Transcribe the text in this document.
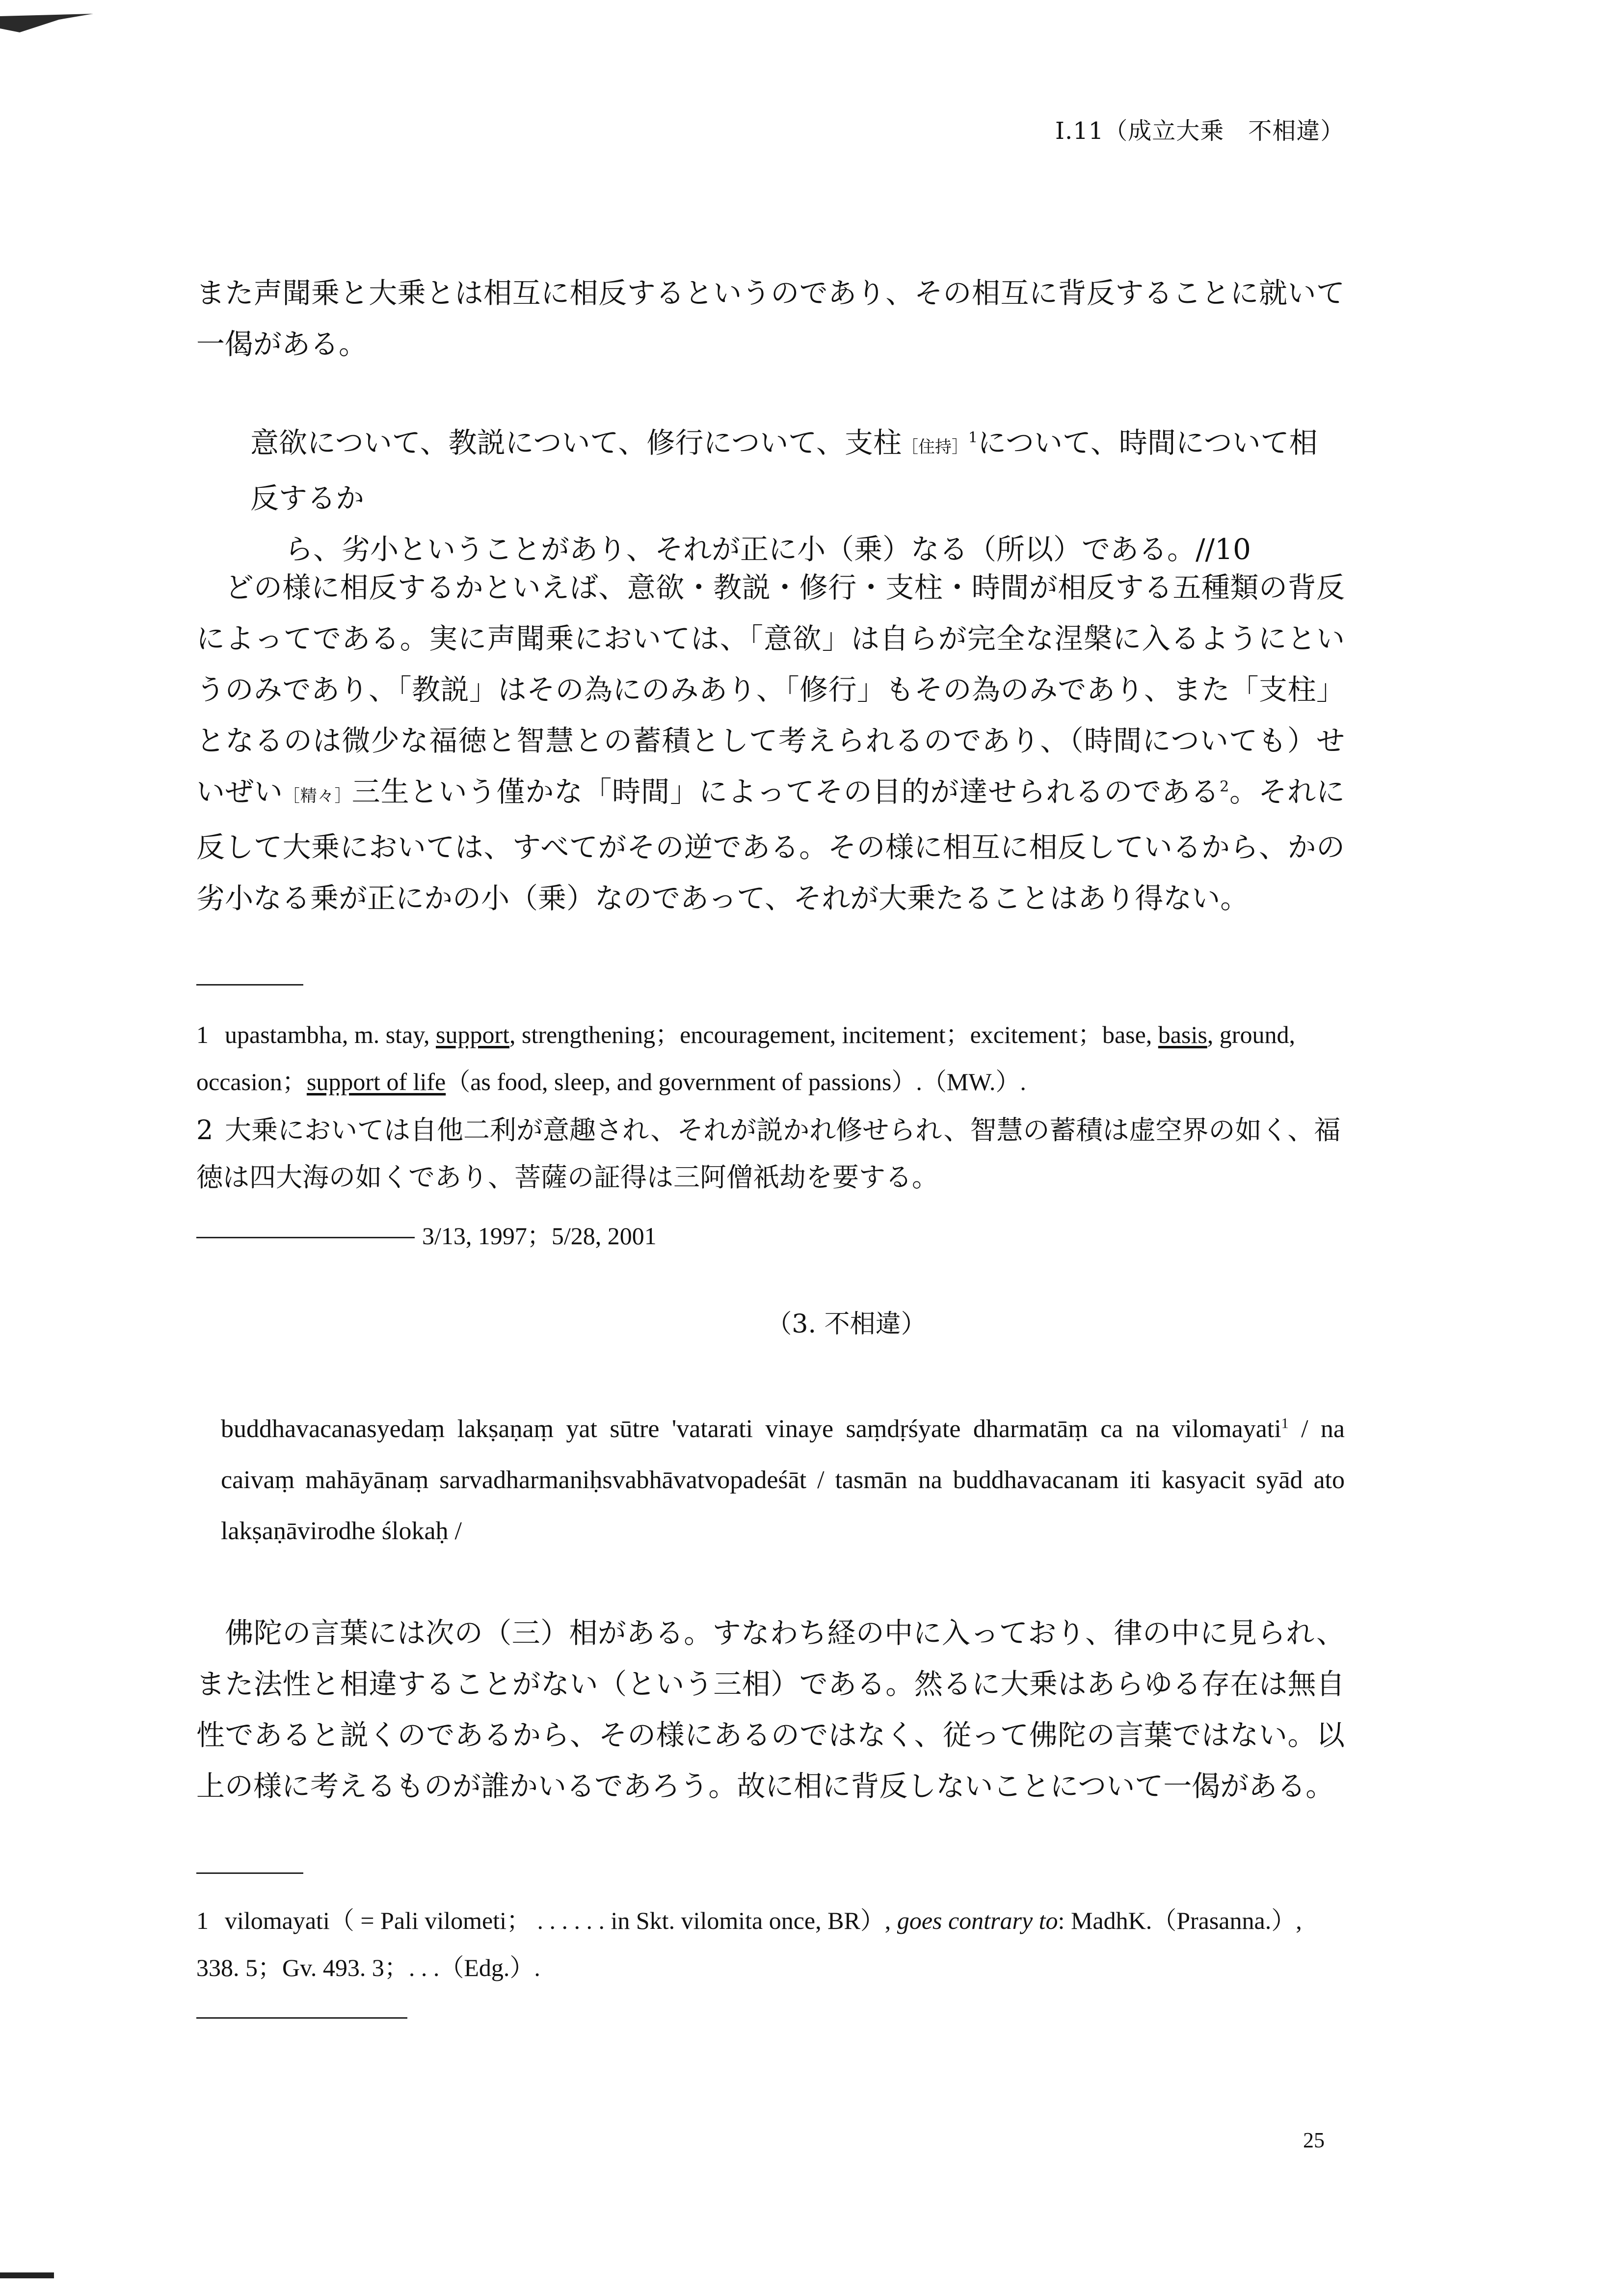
I.11（成立大乗　不相違）
また声聞乗と大乗とは相互に相反するというのであり、その相互に背反することに就いて一偈がある。
意欲について、教説について、修行について、支柱［住持］$^1$について、時間について相反するか
ら、劣小ということがあり、それが正に小（乗）なる（所以）である。//10
どの様に相反するかといえば、意欲・教説・修行・支柱・時間が相反する五種類の背反によってである。実に声聞乗においては、「意欲」は自らが完全な涅槃に入るようにというのみであり、「教説」はその為にのみあり、「修行」もその為のみであり、また「支柱」となるのは微少な福徳と智慧との蓄積として考えられるのであり、（時間についても）せいぜい［精々］三生という僅かな「時間」によってその目的が達せられるのである$^2$。それに反して大乗においては、すべてがその逆である。その様に相互に相反しているから、かの劣小なる乗が正にかの小（乗）なのであって、それが大乗たることはあり得ない。
1 upastambha, m. stay, support, strengthening；encouragement, incitement；excitement；base, basis, ground, occasion；support of life（as food, sleep, and government of passions）.（MW.）.
2 大乗においては自他二利が意趣され、それが説かれ修せられ、智慧の蓄積は虚空界の如く、福徳は四大海の如くであり、菩薩の証得は三阿僧祇劫を要する。
3/13, 1997；5/28, 2001
（3. 不相違）
buddhavacanasyedaṃ lakṣaṇaṃ yat sūtre 'vatarati vinaye saṃdṛśyate dharmatāṃ ca na vilomayati$^1$ / na caivaṃ mahāyānaṃ sarvadharmaniḥsvabhāvatvopadeśāt / tasmān na buddhavacanam iti kasyacit syād ato lakṣaṇāvirodhe ślokaḥ /
佛陀の言葉には次の（三）相がある。すなわち経の中に入っており、律の中に見られ、また法性と相違することがない（という三相）である。然るに大乗はあらゆる存在は無自性であると説くのであるから、その様にあるのではなく、従って佛陀の言葉ではない。以上の様に考えるものが誰かいるであろう。故に相に背反しないことについて一偈がある。
1 vilomayati（ = Pali vilometi； . . . . . . in Skt. vilomita once, BR）, goes contrary to: MadhK.（Prasanna.）, 338. 5；Gv. 493. 3；. . .（Edg.）.
25
